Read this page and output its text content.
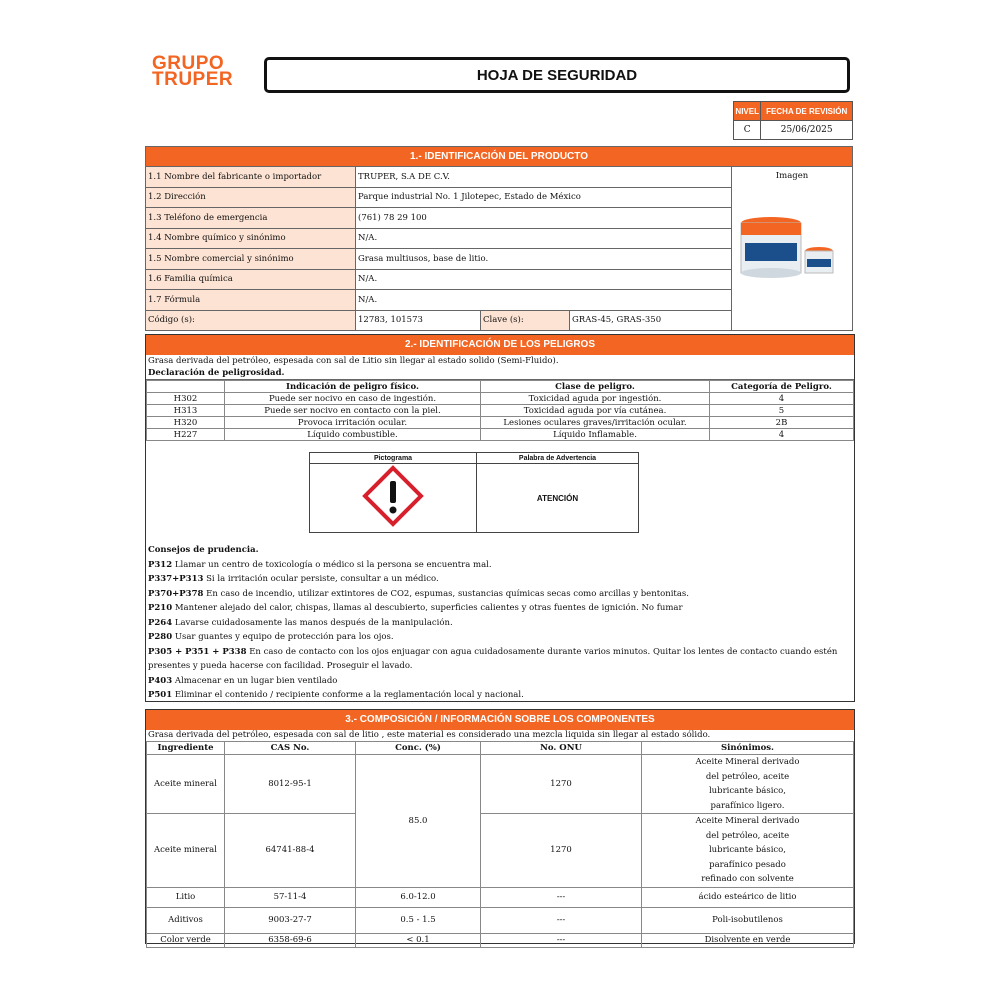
GRUPO
TRUPER	HOJA DE SEGURIDAD
NIVEL	FECHA DE REVISIÓN
C	25/06/2025
1.- IDENTIFICACIÓN DEL PRODUCTO				
1.1 Nombre del fabricante o importador	TRUPER, S.A DE C.V.			Imagen

1.2 Dirección	Parque industrial No. 1 Jilotepec, Estado de México			
1.3 Teléfono de emergencia	(761) 78 29 100			
1.4 Nombre químico y sinónimo	N/A.			
1.5 Nombre comercial y sinónimo	Grasa multiusos, base de litio.			
1.6 Familia química	N/A.			
1.7 Fórmula	N/A.			
Código (s):	12783, 101573	Clave (s):	GRAS-45, GRAS-350	
2.- IDENTIFICACIÓN DE LOS PELIGROS
Grasa derivada del petróleo, espesada con sal de Litio sin llegar al estado solido (Semi-Fluido).
Declaración de peligrosidad.
	Indicación de peligro físico.	Clase de peligro.	Categoría de Peligro.
H302	Puede ser nocivo en caso de ingestión.	Toxicidad aguda por ingestión.	4
H313	Puede ser nocivo en contacto con la piel.	Toxicidad aguda por vía cutánea.	5
H320	Provoca irritación ocular.	Lesiones oculares graves/irritación ocular.	2B
H227	Líquido combustible.	Líquido Inflamable.	4
Pictograma	Palabra de Advertencia
	ATENCIÓN
Consejos de prudencia.
P312 Llamar un centro de toxicología o médico si la persona se encuentra mal.
P337+P313 Si la irritación ocular persiste, consultar a un médico.
P370+P378 En caso de incendio, utilizar extintores de CO2, espumas, sustancias químicas secas como arcillas y bentonitas.
P210 Mantener alejado del calor, chispas, llamas al descubierto, superficies calientes y otras fuentes de ignición. No fumar
P264 Lavarse cuidadosamente las manos después de la manipulación.
P280 Usar guantes y equipo de protección para los ojos.
P305 + P351 + P338 En caso de contacto con los ojos enjuagar con agua cuidadosamente durante varios minutos. Quitar los lentes de contacto cuando estén presentes y pueda hacerse con facilidad. Proseguir el lavado.
P403 Almacenar en un lugar bien ventilado
P501 Eliminar el contenido / recipiente conforme a la reglamentación local y nacional.
3.- COMPOSICIÓN / INFORMACIÓN SOBRE LOS COMPONENTES
Grasa derivada del petróleo, espesada con sal de litio , este material es considerado una mezcla liquida sin llegar al estado sólido.
Ingrediente	CAS No.	Conc. (%)	No. ONU	Sinónimos.
Aceite mineral	8012-95-1	85.0	1270	Aceite Mineral derivado
del petróleo, aceite
lubricante básico,
parafínico ligero.

Aceite mineral	64741-88-4		1270	Aceite Mineral derivado
del petróleo, aceite
lubricante básico,
parafínico pesado
refinado con solvente

Litio	57-11-4	6.0-12.0	---	ácido esteárico de litio
Aditivos	9003-27-7	0.5 - 1.5	---	Poli-isobutilenos
Color verde	6358-69-6	< 0.1	---	Disolvente en verde
